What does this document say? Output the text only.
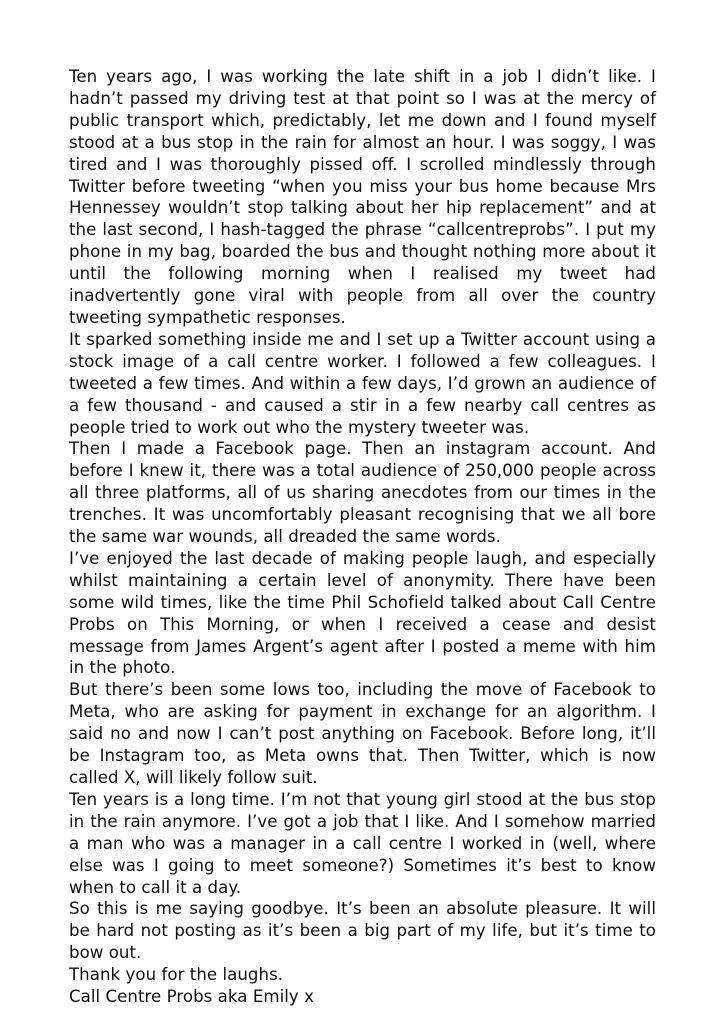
Ten years ago, I was working the late shift in a job I didn’t like. I hadn’t passed my driving test at that point so I was at the mercy of public transport which, predictably, let me down and I found myself stood at a bus stop in the rain for almost an hour. I was soggy, I was tired and I was thoroughly pissed off. I scrolled mindlessly through Twitter before tweeting “when you miss your bus home because Mrs Hennessey wouldn’t stop talking about her hip replacement” and at the last second, I hash-tagged the phrase “callcentreprobs”. I put my phone in my bag, boarded the bus and thought nothing more about it until the following morning when I realised my tweet had inadvertently gone viral with people from all over the country tweeting sympathetic responses.

It sparked something inside me and I set up a Twitter account using a stock image of a call centre worker. I followed a few colleagues. I tweeted a few times. And within a few days, I’d grown an audience of a few thousand - and caused a stir in a few nearby call centres as people tried to work out who the mystery tweeter was.

Then I made a Facebook page. Then an instagram account. And before I knew it, there was a total audience of 250,000 people across all three platforms, all of us sharing anecdotes from our times in the trenches. It was uncomfortably pleasant recognising that we all bore the same war wounds, all dreaded the same words.

I’ve enjoyed the last decade of making people laugh, and especially whilst maintaining a certain level of anonymity. There have been some wild times, like the time Phil Schofield talked about Call Centre Probs on This Morning, or when I received a cease and desist message from James Argent’s agent after I posted a meme with him in the photo.

But there’s been some lows too, including the move of Facebook to Meta, who are asking for payment in exchange for an algorithm. I said no and now I can’t post anything on Facebook. Before long, it’ll be Instagram too, as Meta owns that. Then Twitter, which is now called X, will likely follow suit.

Ten years is a long time. I’m not that young girl stood at the bus stop in the rain anymore. I’ve got a job that I like. And I somehow married a man who was a manager in a call centre I worked in (well, where else was I going to meet someone?) Sometimes it’s best to know when to call it a day.

So this is me saying goodbye. It’s been an absolute pleasure. It will be hard not posting as it’s been a big part of my life, but it’s time to bow out.

Thank you for the laughs.

Call Centre Probs aka Emily x
